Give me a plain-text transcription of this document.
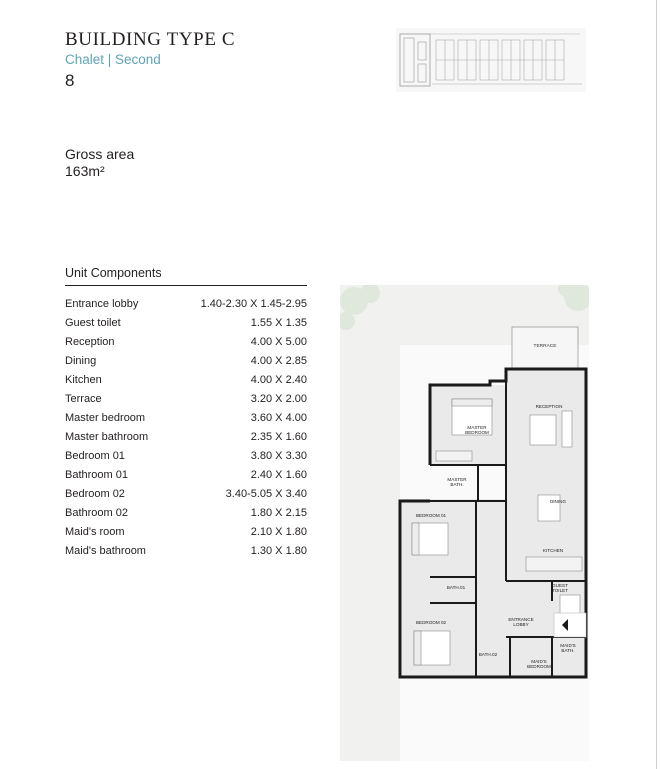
BUILDING TYPE C
Chalet | Second
8
Gross area
163m²
Unit Components
Entrance lobby	1.40-2.30 X 1.45-2.95
Guest toilet	1.55 X 1.35
Reception	4.00 X 5.00
Dining	4.00 X 2.85
Kitchen	4.00 X 2.40
Terrace	3.20 X 2.00
Master bedroom	3.60 X 4.00
Master bathroom	2.35 X 1.60
Bedroom 01	3.80 X 3.30
Bathroom 01	2.40 X 1.60
Bedroom 02	3.40-5.05 X 3.40
Bathroom 02	1.80 X 2.15
Maid's room	2.10 X 1.80
Maid's bathroom	1.30 X 1.80
TERRACE
RECEPTION
MASTER
BEDROOM
MASTER
BATH.
DINING
BEDROOM 01
KITCHEN
BATH.01	GUEST
TOILET
BEDROOM 02
ENTRANCE
LOBBY
BATH.02
MAID'S
BATH.
MAID'S
BEDROOM
